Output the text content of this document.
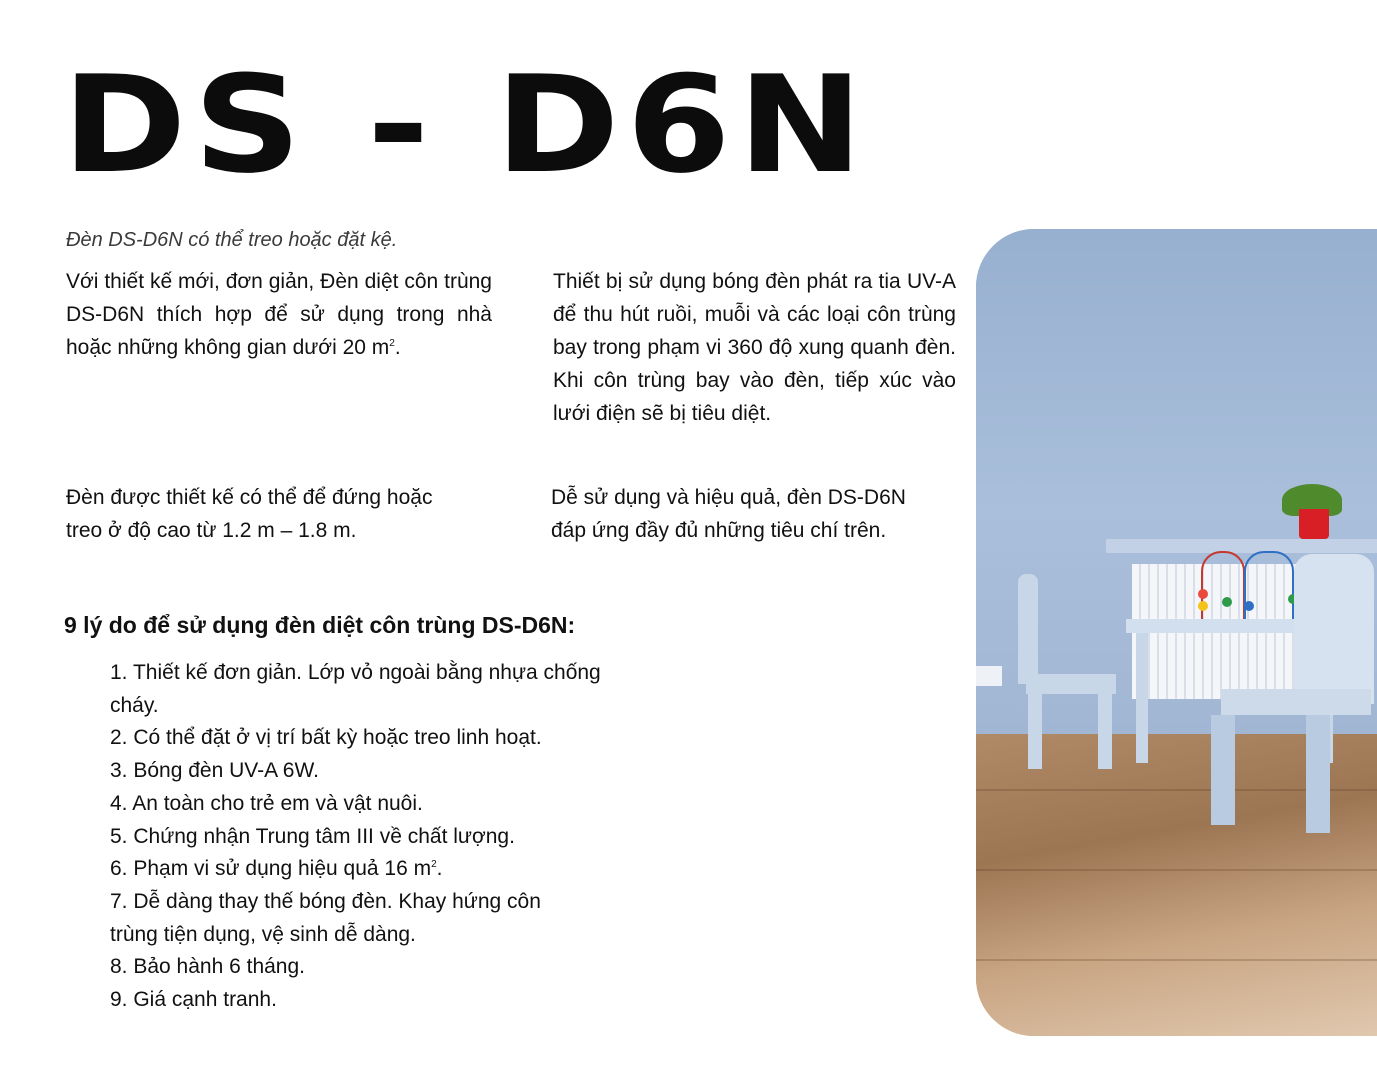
DS - D6N

Đèn DS-D6N có thể treo hoặc đặt kệ.

Với thiết kế mới, đơn giản, Đèn diệt côn trùng DS-D6N thích hợp để sử dụng trong nhà hoặc những không gian dưới 20 $m^2$.

Thiết bị sử dụng bóng đèn phát ra tia UV-A để thu hút ruồi, muỗi và các loại côn trùng bay trong phạm vi 360 độ xung quanh đèn. Khi côn trùng bay vào đèn, tiếp xúc vào lưới điện sẽ bị tiêu diệt.

Đèn được thiết kế có thể để đứng hoặc
treo ở độ cao từ 1.2 m – 1.8 m.

Dễ sử dụng và hiệu quả, đèn DS-D6N
đáp ứng đầy đủ những tiêu chí trên.

9 lý do để sử dụng đèn diệt côn trùng DS-D6N:
1. Thiết kế đơn giản. Lớp vỏ ngoài bằng nhựa chống cháy.
2. Có thể đặt ở vị trí bất kỳ hoặc treo linh hoạt.
3. Bóng đèn UV-A 6W.
4. An toàn cho trẻ em và vật nuôi.
5. Chứng nhận Trung tâm III về chất lượng.
6. Phạm vi sử dụng hiệu quả 16 $m^2$.
7. Dễ dàng thay thế bóng đèn. Khay hứng côn
trùng tiện dụng, vệ sinh dễ dàng.
8. Bảo hành 6 tháng.
9. Giá cạnh tranh.
